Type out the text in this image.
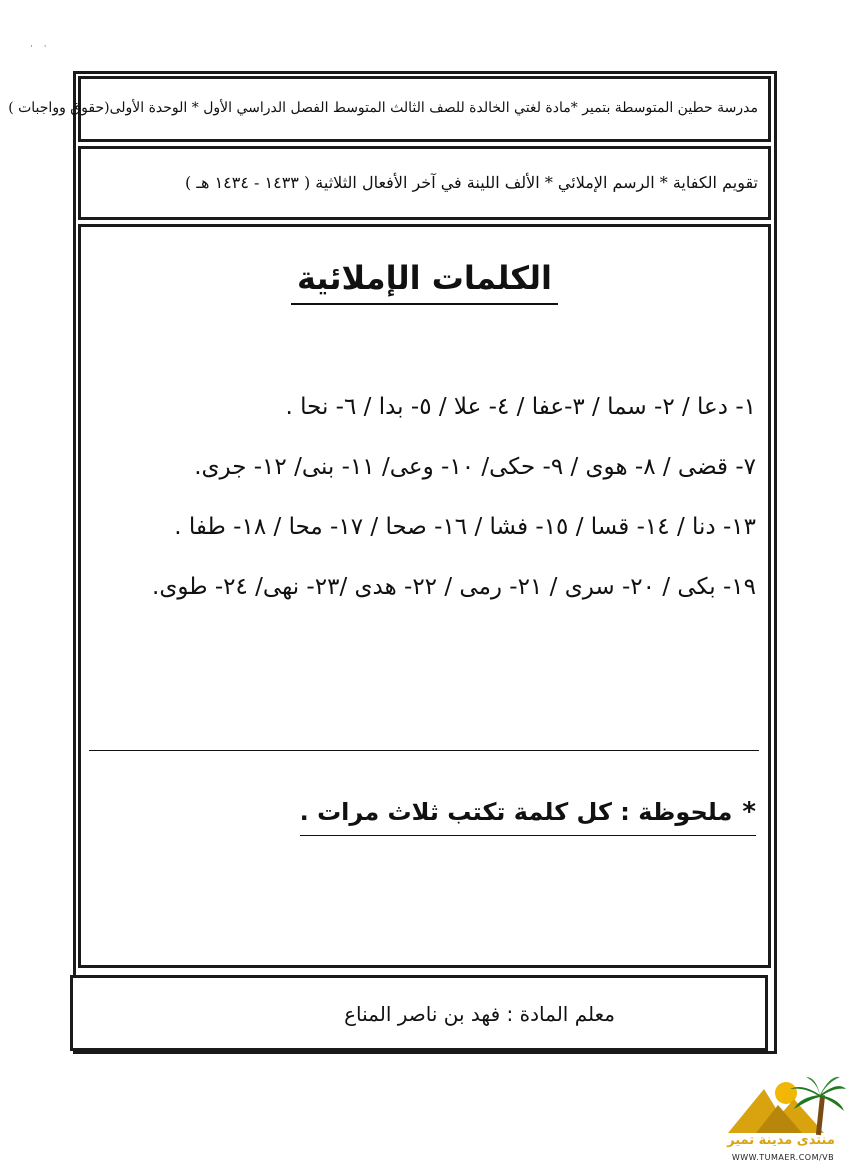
· ·
مدرسة حطين المتوسطة بتمير *مادة لغتي الخالدة للصف الثالث المتوسط الفصل الدراسي الأول * الوحدة الأولى(حقوق وواجبات )
تقويم الكفاية * الرسم الإملائي * الألف اللينة في آخر الأفعال الثلاثية ( ١٤٣٣ - ١٤٣٤ هـ )
الكلمات الإملائية
١- دعا / ٢- سما / ٣-عفا / ٤- علا / ٥- بدا / ٦- نحا .
٧- قضى / ٨- هوى / ٩- حكى/ ١٠- وعى/ ١١- بنى/ ١٢- جرى.
١٣- دنا / ١٤- قسا / ١٥- فشا / ١٦- صحا / ١٧- محا / ١٨- طفا .
١٩- بكى / ٢٠- سرى / ٢١- رمى / ٢٢- هدى /٢٣- نهى/ ٢٤- طوى.
*ملحوظة : كل كلمة تكتب ثلاث مرات .
معلم المادة : فهد بن ناصر المناع
منتدى مدينة تمير
WWW.TUMAER.COM/VB
